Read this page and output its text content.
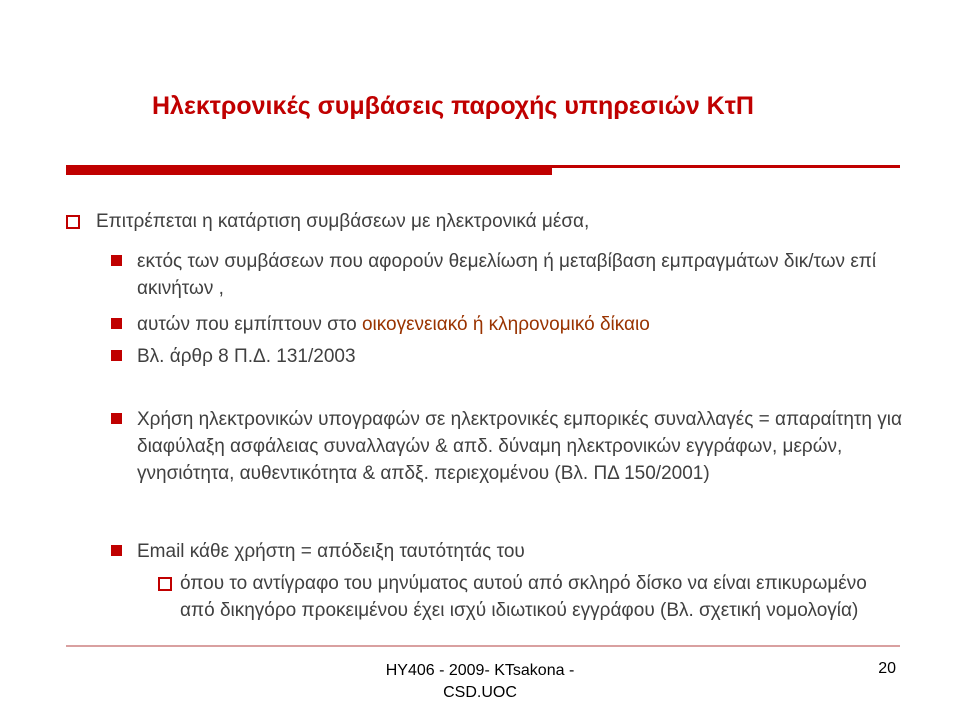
Ηλεκτρονικές συμβάσεις παροχής υπηρεσιών ΚτΠ
Επιτρέπεται η κατάρτιση συμβάσεων με ηλεκτρονικά μέσα,
εκτός των συμβάσεων που αφορούν θεμελίωση ή μεταβίβαση εμπραγμάτων δικ/των επί ακινήτων ,
αυτών που εμπίπτουν στο οικογενειακό ή κληρονομικό δίκαιο
Βλ. άρθρ 8 Π.Δ. 131/2003
Χρήση ηλεκτρονικών υπογραφών σε ηλεκτρονικές εμπορικές συναλλαγές = απαραίτητη για διαφύλαξη ασφάλειας συναλλαγών & απδ. δύναμη ηλεκτρονικών εγγράφων, μερών, γνησιότητα, αυθεντικότητα & απδξ. περιεχομένου (Βλ. ΠΔ 150/2001)
Email κάθε χρήστη = απόδειξη ταυτότητάς του
όπου το αντίγραφο του μηνύματος αυτού από σκληρό δίσκο να είναι επικυρωμένο από δικηγόρο προκειμένου έχει ισχύ ιδιωτικού εγγράφου (Βλ. σχετική νομολογία)
HY406 - 2009- KTsakona - CSD.UOC
20
